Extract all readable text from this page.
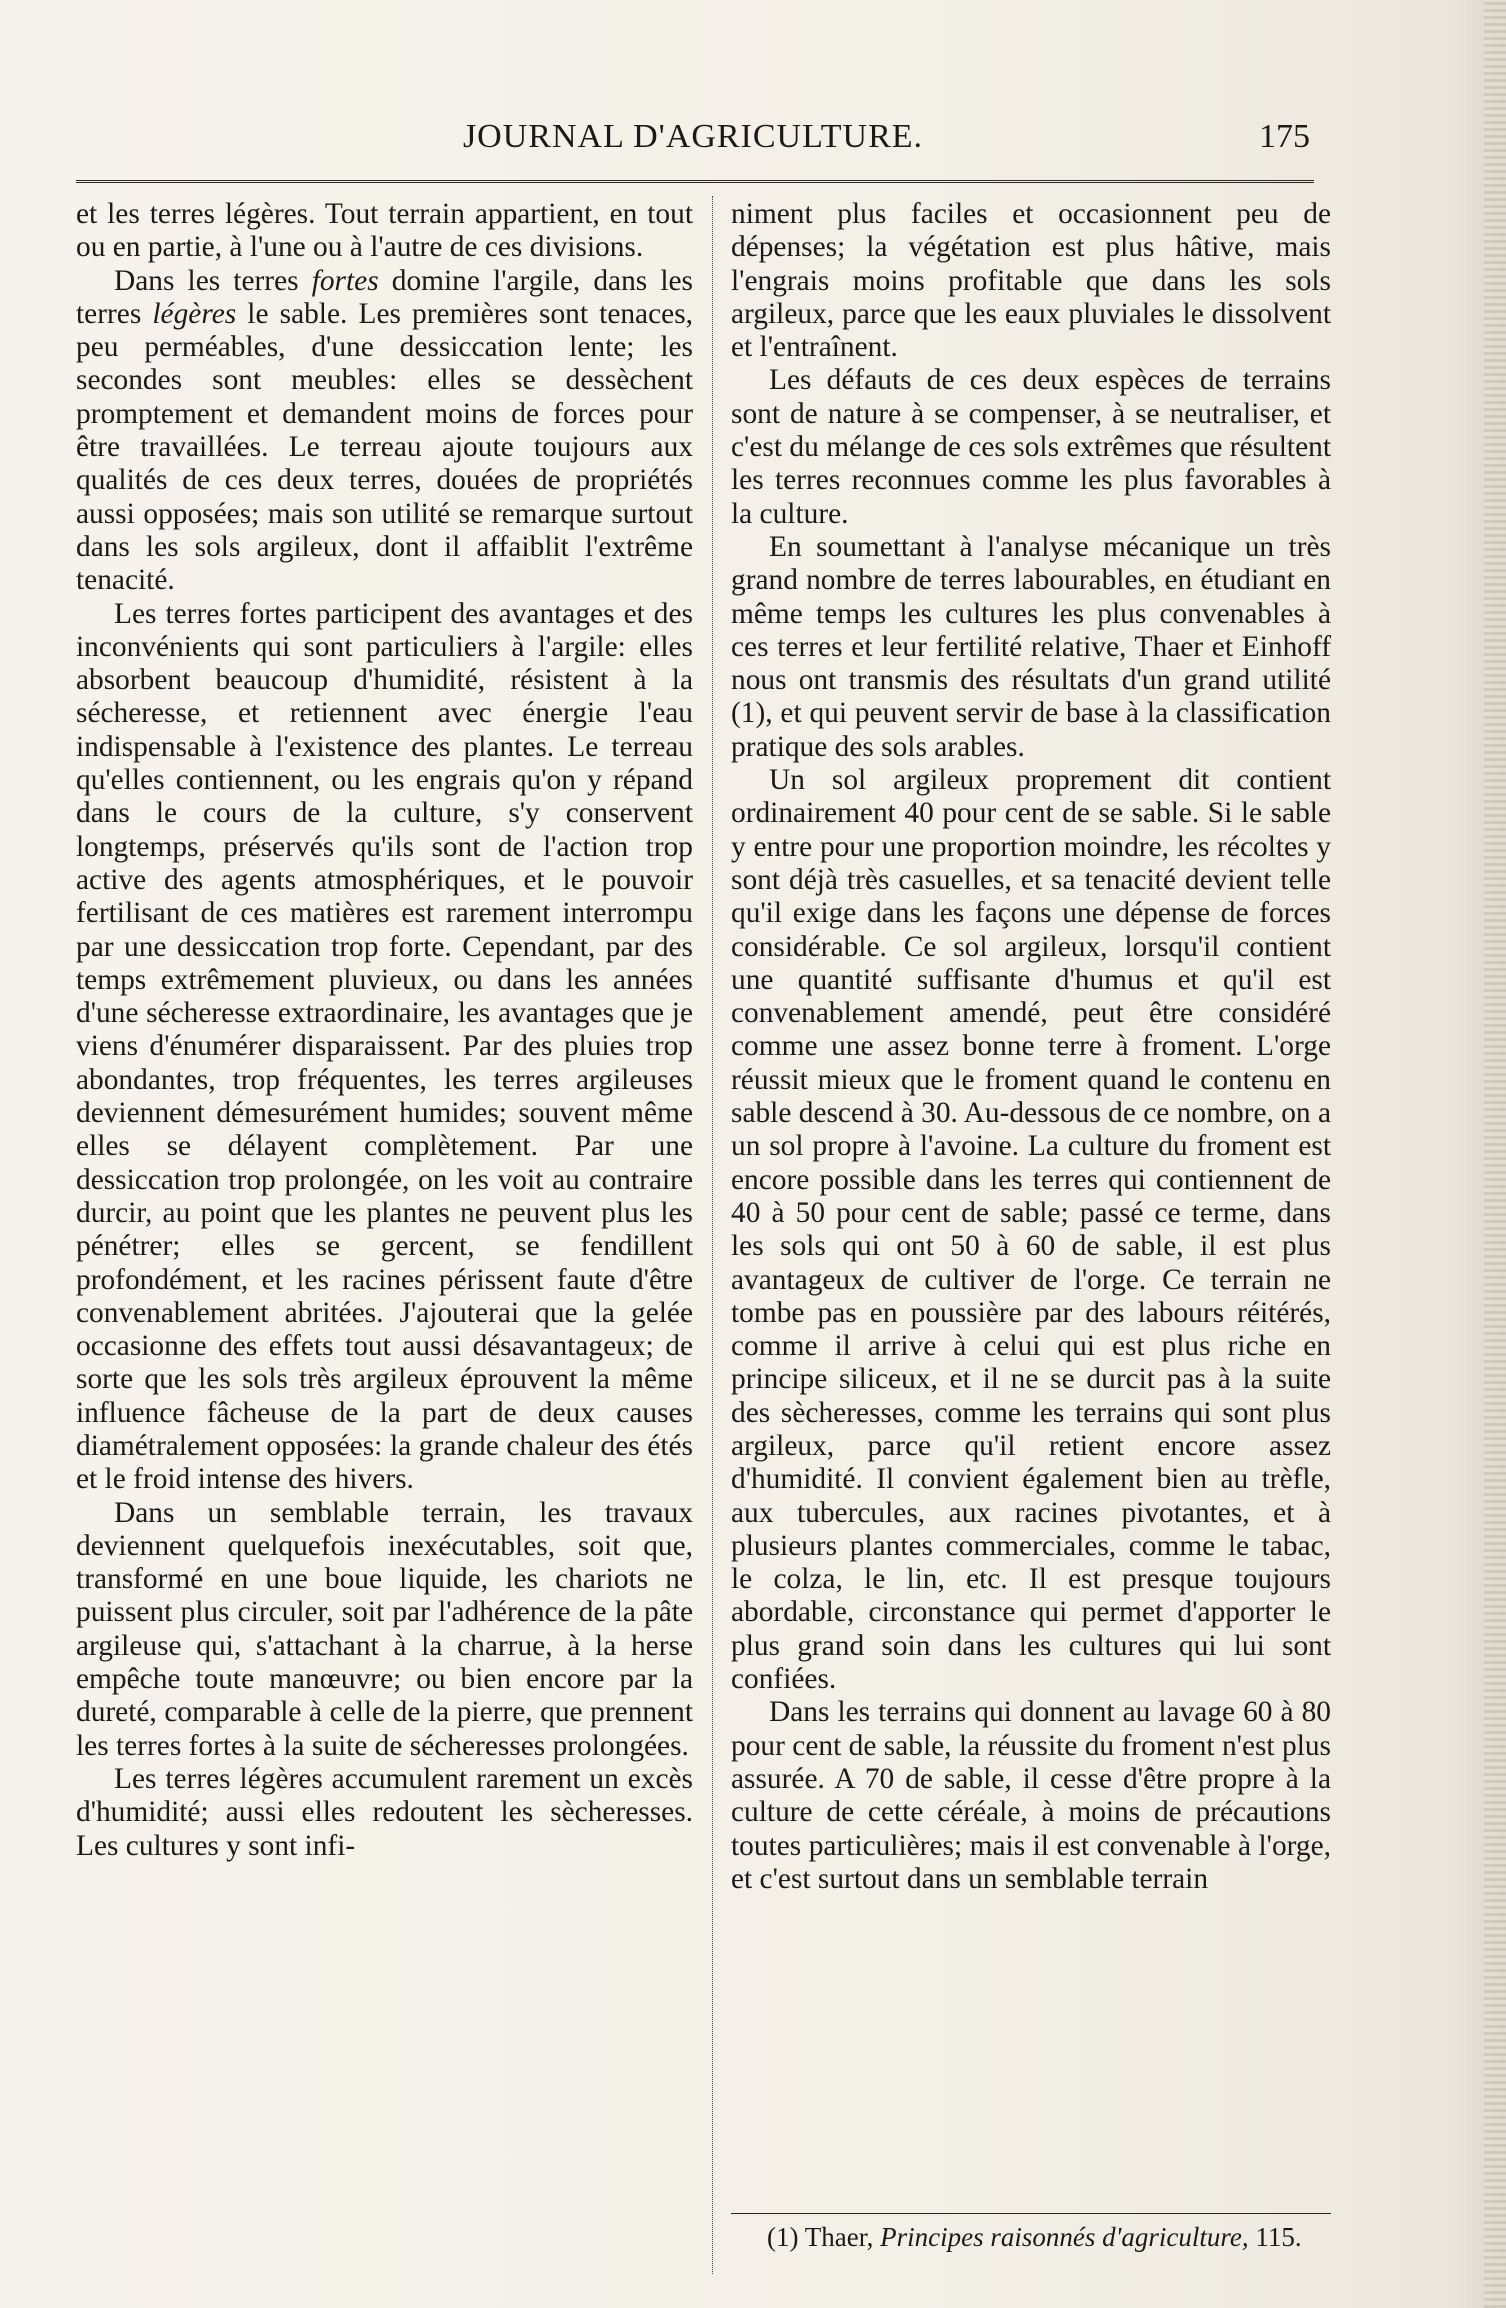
JOURNAL D'AGRICULTURE.	175

et les terres légères. Tout terrain appartient, en tout ou en partie, à l'une ou à l'autre de ces divisions.

Dans les terres fortes domine l'argile, dans les terres légères le sable. Les premières sont tenaces, peu perméables, d'une dessiccation lente; les secondes sont meubles: elles se dessèchent promptement et demandent moins de forces pour être travaillées. Le terreau ajoute toujours aux qualités de ces deux terres, douées de propriétés aussi opposées; mais son utilité se remarque surtout dans les sols argileux, dont il affaiblit l'extrême tenacité.

Les terres fortes participent des avantages et des inconvénients qui sont particuliers à l'argile: elles absorbent beaucoup d'humidité, résistent à la sécheresse, et retiennent avec énergie l'eau indispensable à l'existence des plantes. Le terreau qu'elles contiennent, ou les engrais qu'on y répand dans le cours de la culture, s'y conservent longtemps, préservés qu'ils sont de l'action trop active des agents atmosphériques, et le pouvoir fertilisant de ces matières est rarement interrompu par une dessiccation trop forte. Cependant, par des temps extrêmement pluvieux, ou dans les années d'une sécheresse extraordinaire, les avantages que je viens d'énumérer disparaissent. Par des pluies trop abondantes, trop fréquentes, les terres argileuses deviennent démesurément humides; souvent même elles se délayent complètement. Par une dessiccation trop prolongée, on les voit au contraire durcir, au point que les plantes ne peuvent plus les pénétrer; elles se gercent, se fendillent profondément, et les racines périssent faute d'être convenablement abritées. J'ajouterai que la gelée occasionne des effets tout aussi désavantageux; de sorte que les sols très argileux éprouvent la même influence fâcheuse de la part de deux causes diamétralement opposées: la grande chaleur des étés et le froid intense des hivers.

Dans un semblable terrain, les travaux deviennent quelquefois inexécutables, soit que, transformé en une boue liquide, les chariots ne puissent plus circuler, soit par l'adhérence de la pâte argileuse qui, s'attachant à la charrue, à la herse empêche toute manœuvre; ou bien encore par la dureté, comparable à celle de la pierre, que prennent les terres fortes à la suite de sécheresses prolongées.

Les terres légères accumulent rarement un excès d'humidité; aussi elles redoutent les sècheresses. Les cultures y sont infi-

niment plus faciles et occasionnent peu de dépenses; la végétation est plus hâtive, mais l'engrais moins profitable que dans les sols argileux, parce que les eaux pluviales le dissolvent et l'entraînent.

Les défauts de ces deux espèces de terrains sont de nature à se compenser, à se neutraliser, et c'est du mélange de ces sols extrêmes que résultent les terres reconnues comme les plus favorables à la culture.

En soumettant à l'analyse mécanique un très grand nombre de terres labourables, en étudiant en même temps les cultures les plus convenables à ces terres et leur fertilité relative, Thaer et Einhoff nous ont transmis des résultats d'un grand utilité (1), et qui peuvent servir de base à la classification pratique des sols arables.

Un sol argileux proprement dit contient ordinairement 40 pour cent de se sable. Si le sable y entre pour une proportion moindre, les récoltes y sont déjà très casuelles, et sa tenacité devient telle qu'il exige dans les façons une dépense de forces considérable. Ce sol argileux, lorsqu'il contient une quantité suffisante d'humus et qu'il est convenablement amendé, peut être considéré comme une assez bonne terre à froment. L'orge réussit mieux que le froment quand le contenu en sable descend à 30. Au-dessous de ce nombre, on a un sol propre à l'avoine. La culture du froment est encore possible dans les terres qui contiennent de 40 à 50 pour cent de sable; passé ce terme, dans les sols qui ont 50 à 60 de sable, il est plus avantageux de cultiver de l'orge. Ce terrain ne tombe pas en poussière par des labours réitérés, comme il arrive à celui qui est plus riche en principe siliceux, et il ne se durcit pas à la suite des sècheresses, comme les terrains qui sont plus argileux, parce qu'il retient encore assez d'humidité. Il convient également bien au trèfle, aux tubercules, aux racines pivotantes, et à plusieurs plantes commerciales, comme le tabac, le colza, le lin, etc. Il est presque toujours abordable, circonstance qui permet d'apporter le plus grand soin dans les cultures qui lui sont confiées.

Dans les terrains qui donnent au lavage 60 à 80 pour cent de sable, la réussite du froment n'est plus assurée. A 70 de sable, il cesse d'être propre à la culture de cette céréale, à moins de précautions toutes particulières; mais il est convenable à l'orge, et c'est surtout dans un semblable terrain

(1) Thaer, Principes raisonnés d'agriculture, 115.
